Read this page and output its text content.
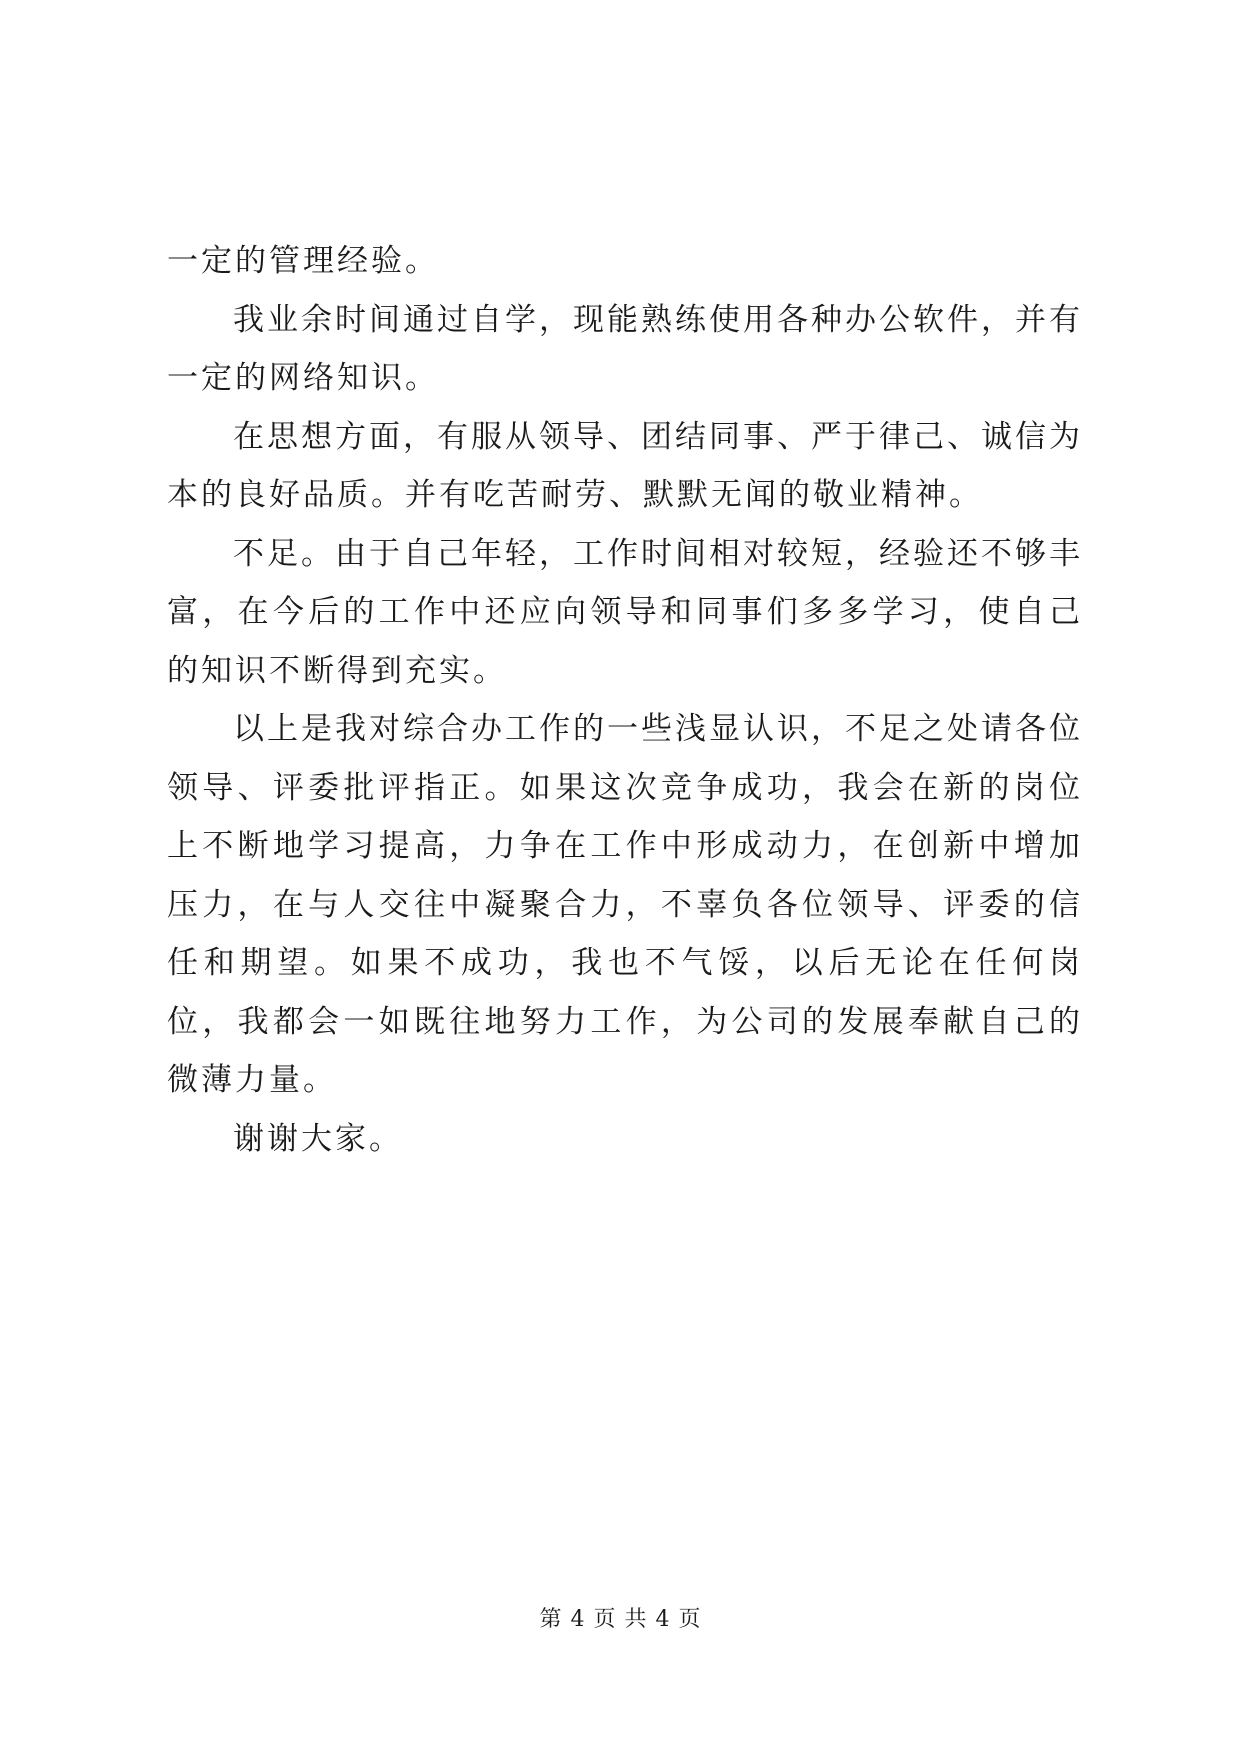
一定的管理经验。

我业余时间通过自学，现能熟练使用各种办公软件，并有一定的网络知识。

在思想方面，有服从领导、团结同事、严于律己、诚信为本的良好品质。并有吃苦耐劳、默默无闻的敬业精神。

不足。由于自己年轻，工作时间相对较短，经验还不够丰富，在今后的工作中还应向领导和同事们多多学习，使自己的知识不断得到充实。

以上是我对综合办工作的一些浅显认识，不足之处请各位领导、评委批评指正。如果这次竞争成功，我会在新的岗位上不断地学习提高，力争在工作中形成动力，在创新中增加压力，在与人交往中凝聚合力，不辜负各位领导、评委的信任和期望。如果不成功，我也不气馁，以后无论在任何岗位，我都会一如既往地努力工作，为公司的发展奉献自己的微薄力量。

谢谢大家。

第 4 页 共 4 页
